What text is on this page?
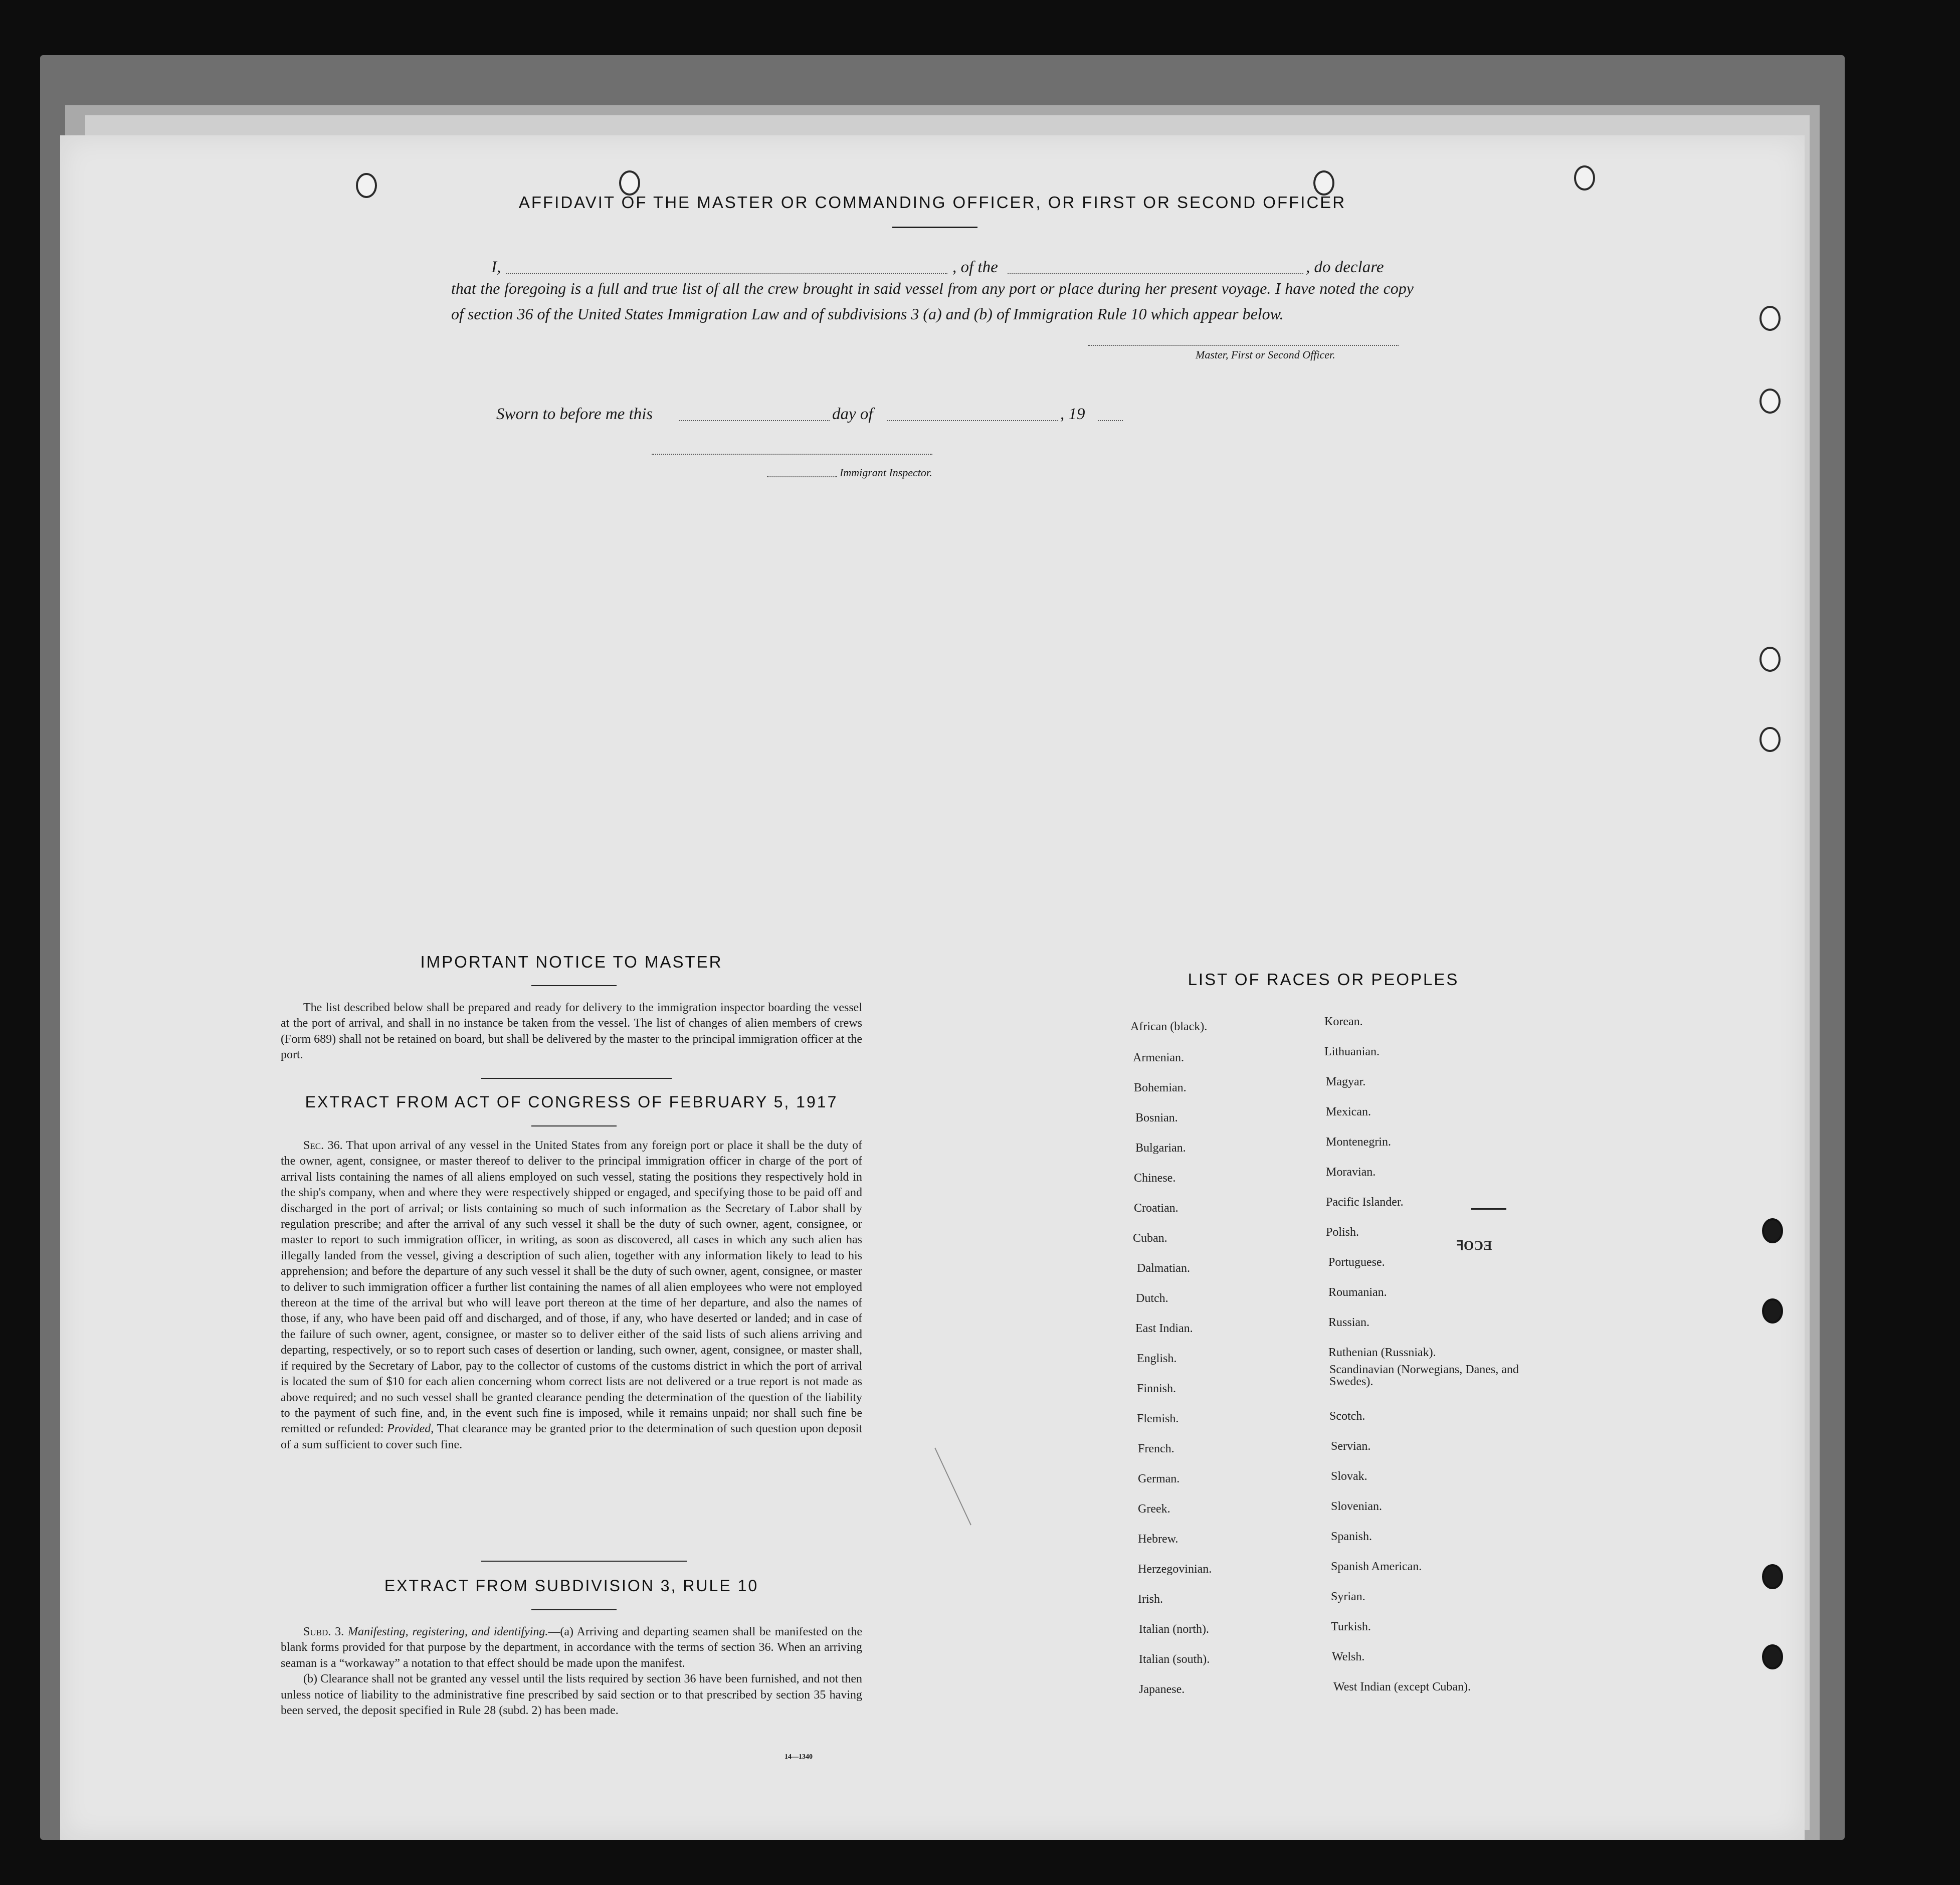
AFFIDAVIT OF THE MASTER OR COMMANDING OFFICER, OR FIRST OR SECOND OFFICER
I,	, of the	, do declare
that the foregoing is a full and true list of all the crew brought in said vessel from any port or place during her present voyage. I have noted the copy of section 36 of the United States Immigration Law and of subdivisions 3 (a) and (b) of Immigration Rule 10 which appear below.
Master, First or Second Officer.
Sworn to before me this	day of	, 19
Immigrant Inspector.
IMPORTANT NOTICE TO MASTER

The list described below shall be prepared and ready for delivery to the immigration inspector boarding the vessel at the port of arrival, and shall in no instance be taken from the vessel. The list of changes of alien members of crews (Form 689) shall not be retained on board, but shall be delivered by the master to the principal immigration officer at the port.

EXTRACT FROM ACT OF CONGRESS OF FEBRUARY 5, 1917

Sec. 36. That upon arrival of any vessel in the United States from any foreign port or place it shall be the duty of the owner, agent, consignee, or master thereof to deliver to the principal immigration officer in charge of the port of arrival lists containing the names of all aliens employed on such vessel, stating the positions they respectively hold in the ship's company, when and where they were respectively shipped or engaged, and specifying those to be paid off and discharged in the port of arrival; or lists containing so much of such information as the Secretary of Labor shall by regulation prescribe; and after the arrival of any such vessel it shall be the duty of such owner, agent, consignee, or master to report to such immigration officer, in writing, as soon as discovered, all cases in which any such alien has illegally landed from the vessel, giving a description of such alien, together with any information likely to lead to his apprehension; and before the departure of any such vessel it shall be the duty of such owner, agent, consignee, or master to deliver to such immigration officer a further list containing the names of all alien employees who were not employed thereon at the time of the arrival but who will leave port thereon at the time of her departure, and also the names of those, if any, who have been paid off and discharged, and of those, if any, who have deserted or landed; and in case of the failure of such owner, agent, consignee, or master so to deliver either of the said lists of such aliens arriving and departing, respectively, or so to report such cases of desertion or landing, such owner, agent, consignee, or master shall, if required by the Secretary of Labor, pay to the collector of customs of the customs district in which the port of arrival is located the sum of $10 for each alien concerning whom correct lists are not delivered or a true report is not made as above required; and no such vessel shall be granted clearance pending the determination of the question of the liability to the payment of such fine, and, in the event such fine is imposed, while it remains unpaid; nor shall such fine be remitted or refunded: Provided, That clearance may be granted prior to the determination of such question upon deposit of a sum sufficient to cover such fine.

EXTRACT FROM SUBDIVISION 3, RULE 10

Subd. 3. Manifesting, registering, and identifying.—(a) Arriving and departing seamen shall be manifested on the blank forms provided for that purpose by the department, in accordance with the terms of section 36. When an arriving seaman is a “workaway” a notation to that effect should be made upon the manifest.

(b) Clearance shall not be granted any vessel until the lists required by section 36 have been furnished, and not then unless notice of liability to the administrative fine prescribed by said section or to that prescribed by section 35 having been served, the deposit specified in Rule 28 (subd. 2) has been made.

14—1340
LIST OF RACES OR PEOPLES
African (black).
Armenian.
Bohemian.
Bosnian.
Bulgarian.
Chinese.
Croatian.
Cuban.
Dalmatian.
Dutch.
East Indian.
English.
Finnish.
Flemish.
French.
German.
Greek.
Hebrew.
Herzegovinian.
Irish.
Italian (north).
Italian (south).
Japanese.
Korean.
Lithuanian.
Magyar.
Mexican.
Montenegrin.
Moravian.
Pacific Islander.
Polish.
Portuguese.
Roumanian.
Russian.
Ruthenian (Russniak).
Scandinavian (Norwegians, Danes, and Swedes).
Scotch.
Servian.
Slovak.
Slovenian.
Spanish.
Spanish American.
Syrian.
Turkish.
Welsh.
West Indian (except Cuban).
ꟻOƆƎ
